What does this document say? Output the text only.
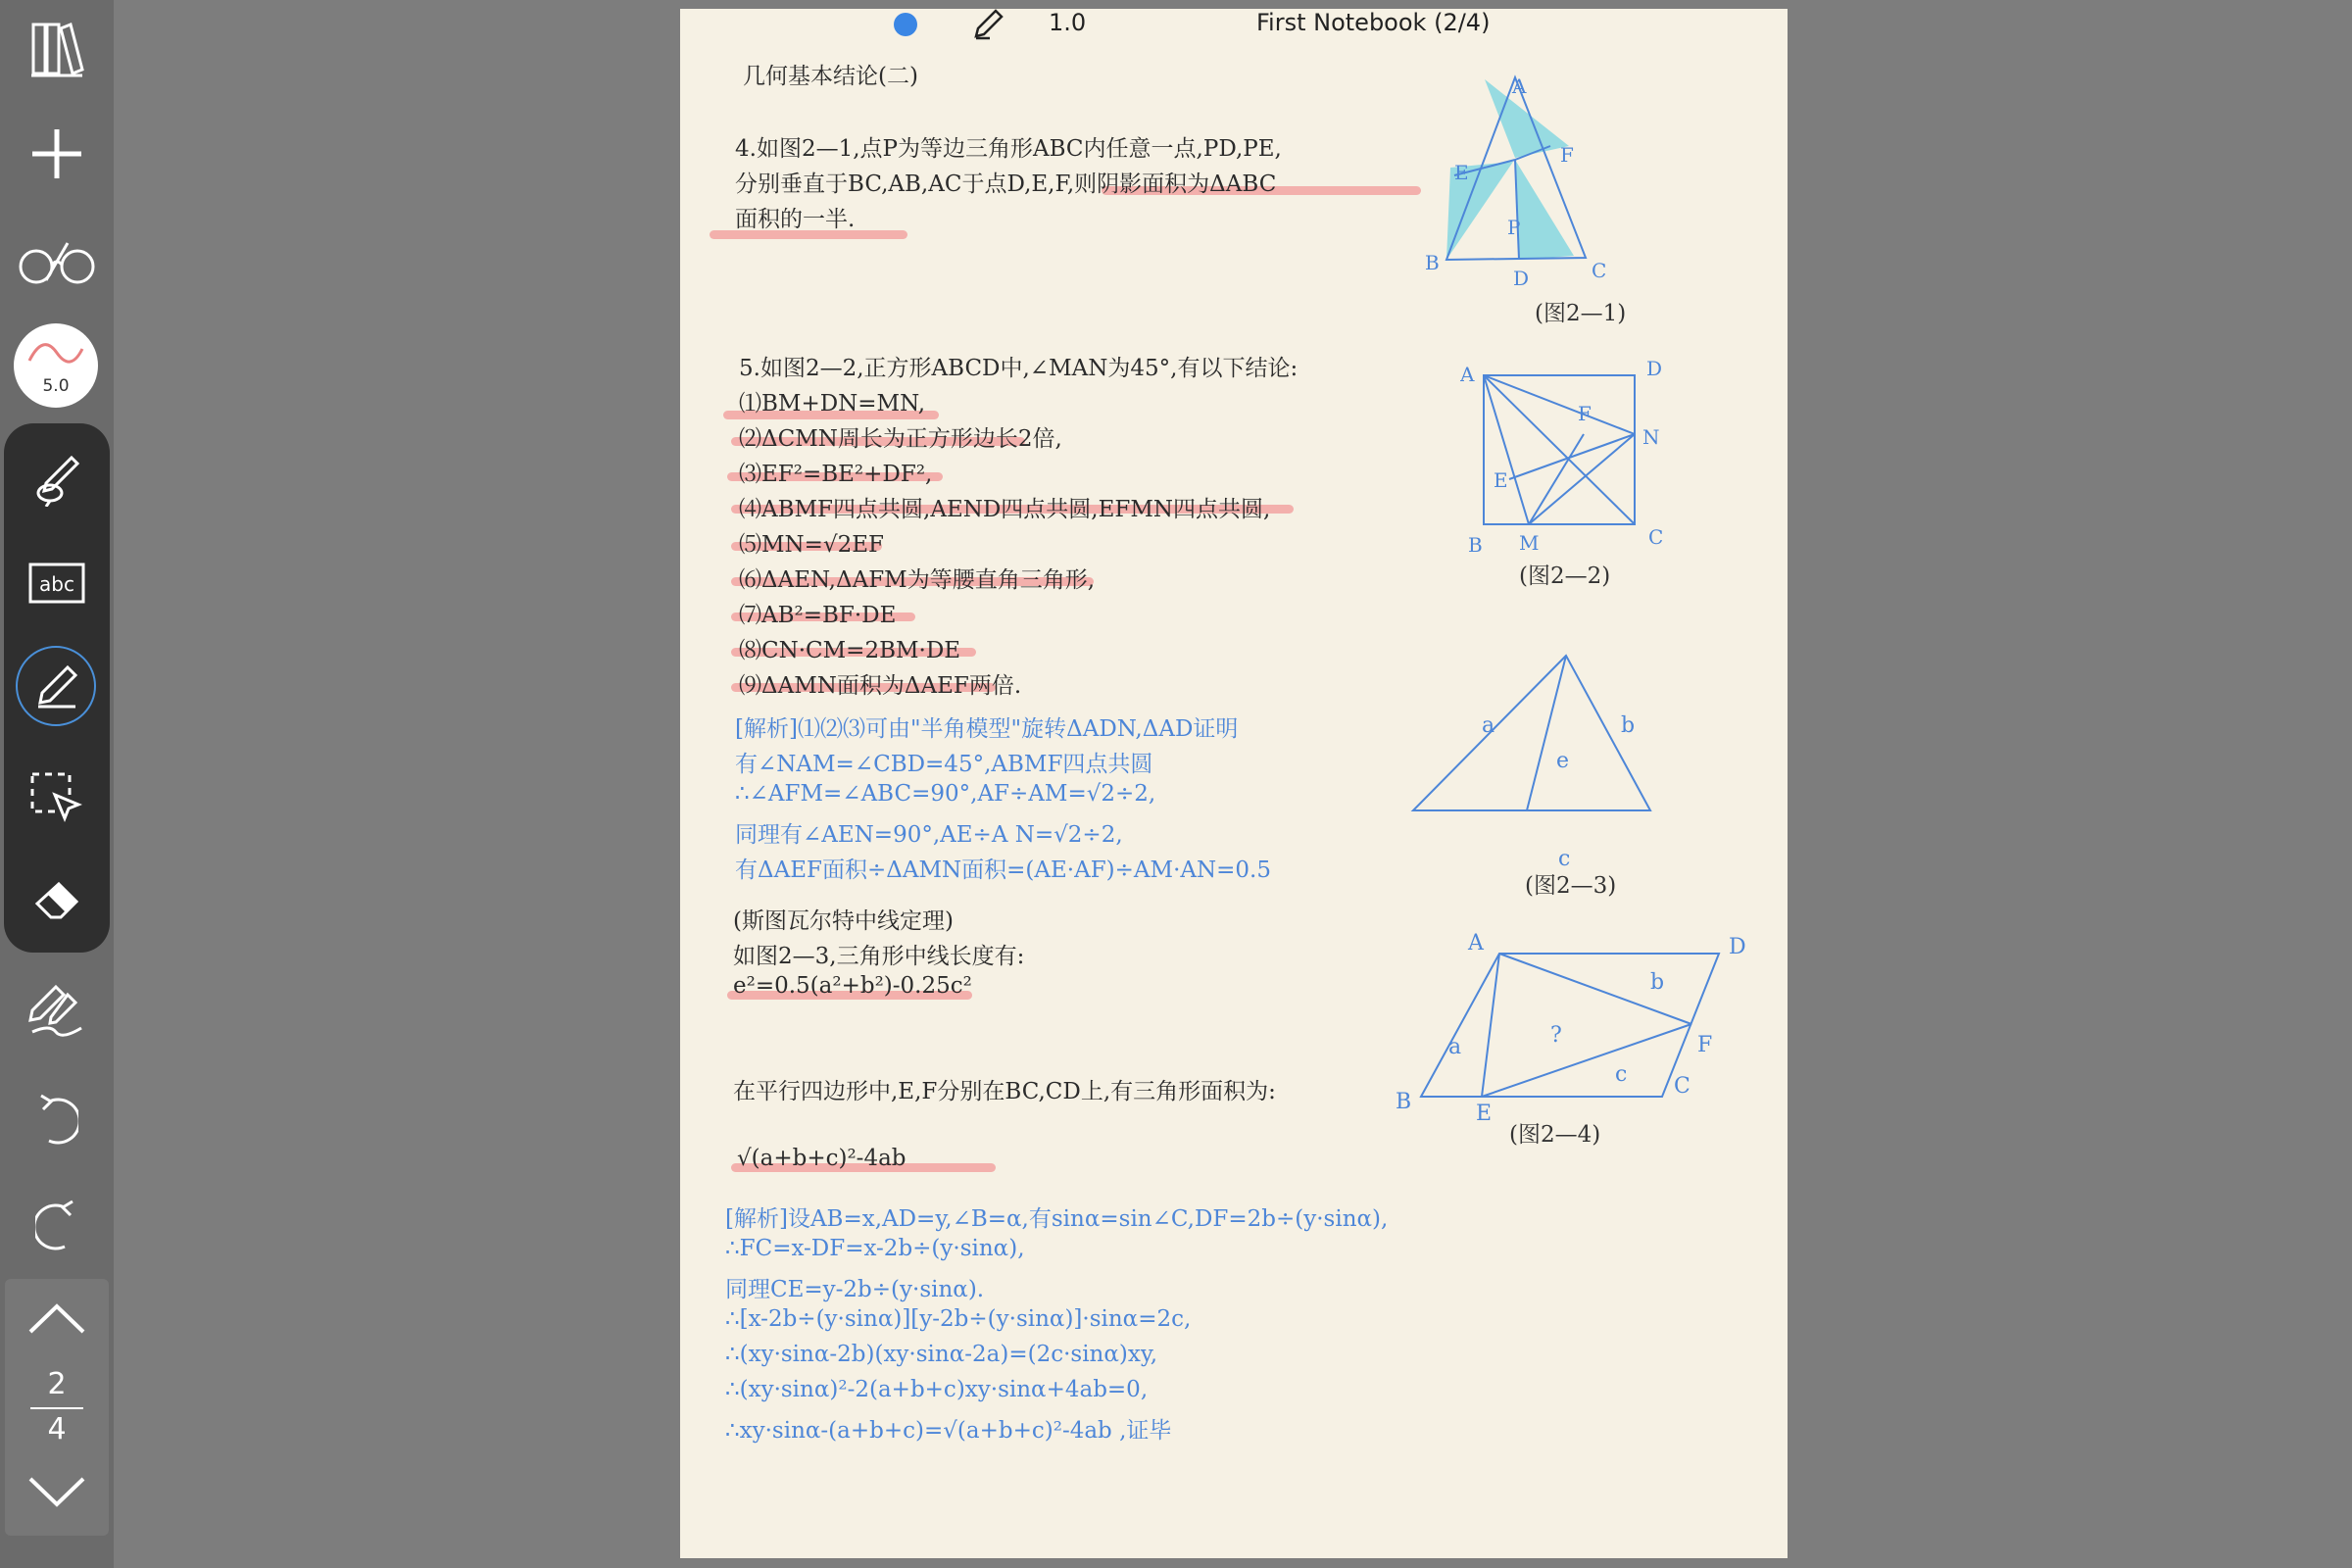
5.0
abc
2
4
1.0	First Notebook (2/4)
几何基本结论(二)
4.如图2—1,点P为等边三角形ABC内任意一点,PD,PE,
分别垂直于BC,AB,AC于点D,E,F,则阴影面积为ΔABC
面积的一半.
5.如图2—2,正方形ABCD中,∠MAN为45°,有以下结论:
⑴BM+DN=MN,
⑵ΔCMN周长为正方形边长2倍,
⑶EF²=BE²+DF²,
⑷ABMF四点共圆,AEND四点共圆,EFMN四点共圆,
⑸MN=√2EF
⑹ΔAEN,ΔAFM为等腰直角三角形,
⑺AB²=BF·DE
⑻CN·CM=2BM·DE
⑼ΔAMN面积为ΔAEF两倍.
[解析]⑴⑵⑶可由"半角模型"旋转ΔADN,ΔAD证明
有∠NAM=∠CBD=45°,ABMF四点共圆
∴∠AFM=∠ABC=90°,AF÷AM=√2÷2,
同理有∠AEN=90°,AE÷A N=√2÷2,
有ΔAEF面积÷ΔAMN面积=(AE·AF)÷AM·AN=0.5
(斯图瓦尔特中线定理)
如图2—3,三角形中线长度有:
e²=0.5(a²+b²)-0.25c²
在平行四边形中,E,F分别在BC,CD上,有三角形面积为:
√(a+b+c)²-4ab
[解析]设AB=x,AD=y,∠B=α,有sinα=sin∠C,DF=2b÷(y·sinα),
∴FC=x-DF=x-2b÷(y·sinα),
同理CE=y-2b÷(y·sinα).
∴[x-2b÷(y·sinα)][y-2b÷(y·sinα)]·sinα=2c,
∴(xy·sinα-2b)(xy·sinα-2a)=(2c·sinα)xy,
∴(xy·sinα)²-2(a+b+c)xy·sinα+4ab=0,
∴xy·sinα-(a+b+c)=√(a+b+c)²-4ab ,证毕
A
B	C
D
E
F
P
(图2—1)
A	D
B M	C
N
F
E
(图2—2)
a	b
e
c
(图2—3)
A	D
B
C
F
E
b
a
c
?
(图2—4)
